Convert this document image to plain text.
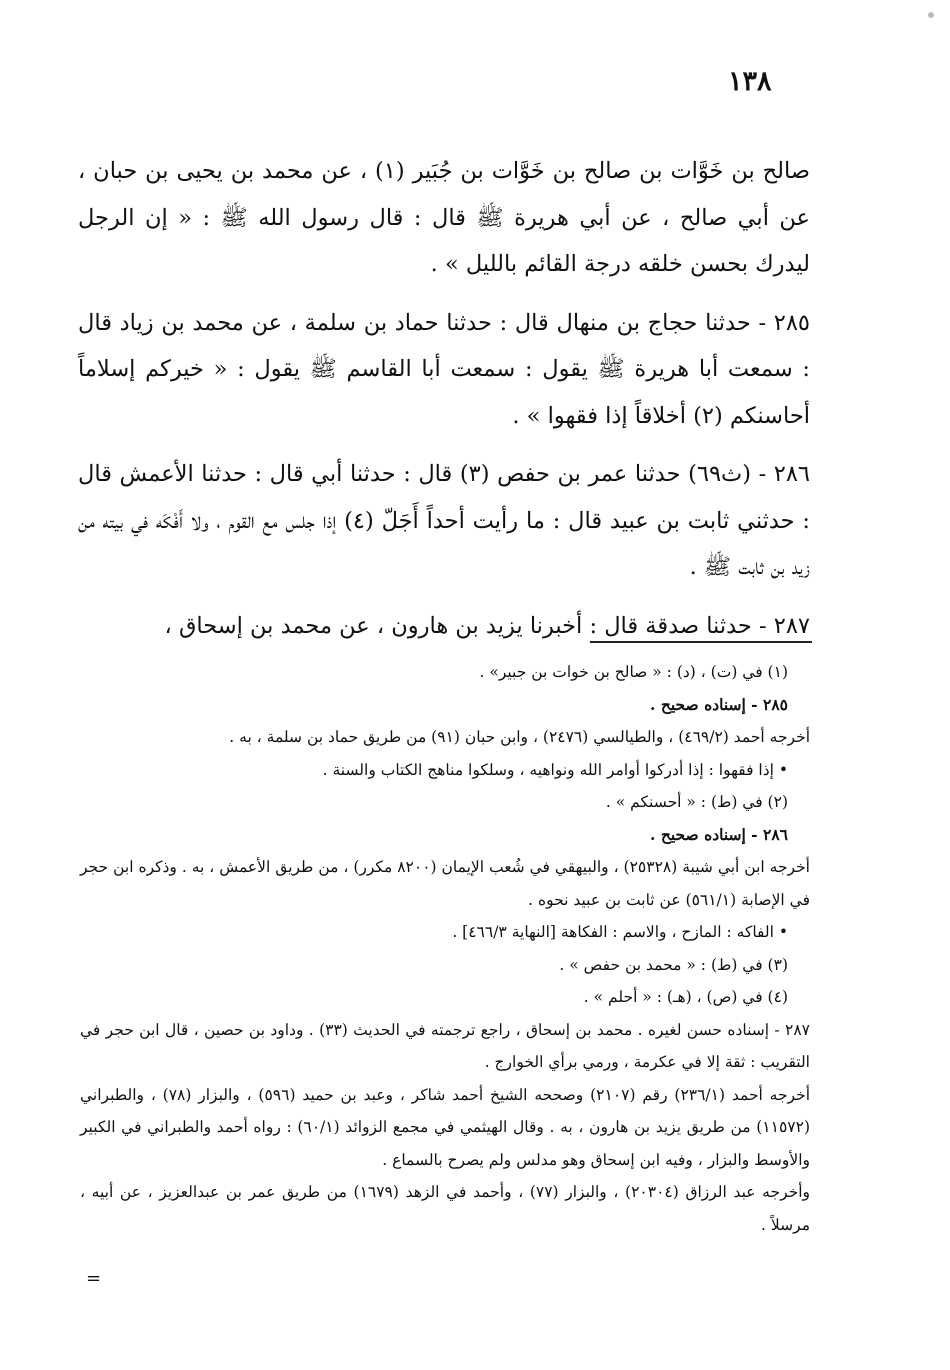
١٣٨

صالح بن خَوَّات بن صالح بن خَوَّات بن جُبَير (١) ، عن محمد بن يحيى بن حبان ، عن أبي صالح ، عن أبي هريرة ﷺ قال : قال رسول الله ﷺ : « إن الرجل ليدرك بحسن خلقه درجة القائم بالليل » .

٢٨٥ - حدثنا حجاج بن منهال قال : حدثنا حماد بن سلمة ، عن محمد بن زياد قال : سمعت أبا هريرة ﷺ يقول : سمعت أبا القاسم ﷺ يقول : « خيركم إسلاماً أحاسنكم (٢) أخلاقاً إذا فقهوا » .

٢٨٦ - (ث٦٩) حدثنا عمر بن حفص (٣) قال : حدثنا أبي قال : حدثنا الأعمش قال : حدثني ثابت بن عبيد قال : ما رأيت أحداً أَجَلّ (٤) إذا جلس مع القوم ، ولا أَفْكَه في بيته من زيد بن ثابت ﷺ .

٢٨٧ - حدثنا صدقة قال : أخبرنا يزيد بن هارون ، عن محمد بن إسحاق ،

(١) في (ت) ، (د) : « صالح بن خوات بن جبير» .
٢٨٥ - إسناده صحيح .
أخرجه أحمد (٤٦٩/٢) ، والطيالسي (٢٤٧٦) ، وابن حبان (٩١) من طريق حماد بن سلمة ، به .
• إذا فقهوا : إذا أدركوا أوامر الله ونواهيه ، وسلكوا مناهج الكتاب والسنة .
(٢) في (ط) : « أحسنكم » .
٢٨٦ - إسناده صحيح .
أخرجه ابن أبي شيبة (٢٥٣٢٨) ، والبيهقي في شُعب الإيمان (٨٢٠٠ مكرر) ، من طريق الأعمش ، به . وذكره ابن حجر في الإصابة (٥٦١/١) عن ثابت بن عبيد نحوه .
• الفاكه : المازح ، والاسم : الفكاهة [النهاية ٤٦٦/٣] .
(٣) في (ط) : « محمد بن حفص » .
(٤) في (ص) ، (هـ) : « أحلم » .
٢٨٧ - إسناده حسن لغيره . محمد بن إسحاق ، راجع ترجمته في الحديث (٣٣) . وداود بن حصين ، قال ابن حجر في التقريب : ثقة إلا في عكرمة ، ورمي برأي الخوارج .
أخرجه أحمد (٢٣٦/١) رقم (٢١٠٧) وصححه الشيخ أحمد شاكر ، وعبد بن حميد (٥٩٦) ، والبزار (٧٨) ، والطبراني (١١٥٧٢) من طريق يزيد بن هارون ، به . وقال الهيثمي في مجمع الزوائد (٦٠/١) : رواه أحمد والطبراني في الكبير والأوسط والبزار ، وفيه ابن إسحاق وهو مدلس ولم يصرح بالسماع .
وأخرجه عبد الرزاق (٢٠٣٠٤) ، والبزار (٧٧) ، وأحمد في الزهد (١٦٧٩) من طريق عمر بن عبدالعزيز ، عن أبيه ، مرسلاً .
=
